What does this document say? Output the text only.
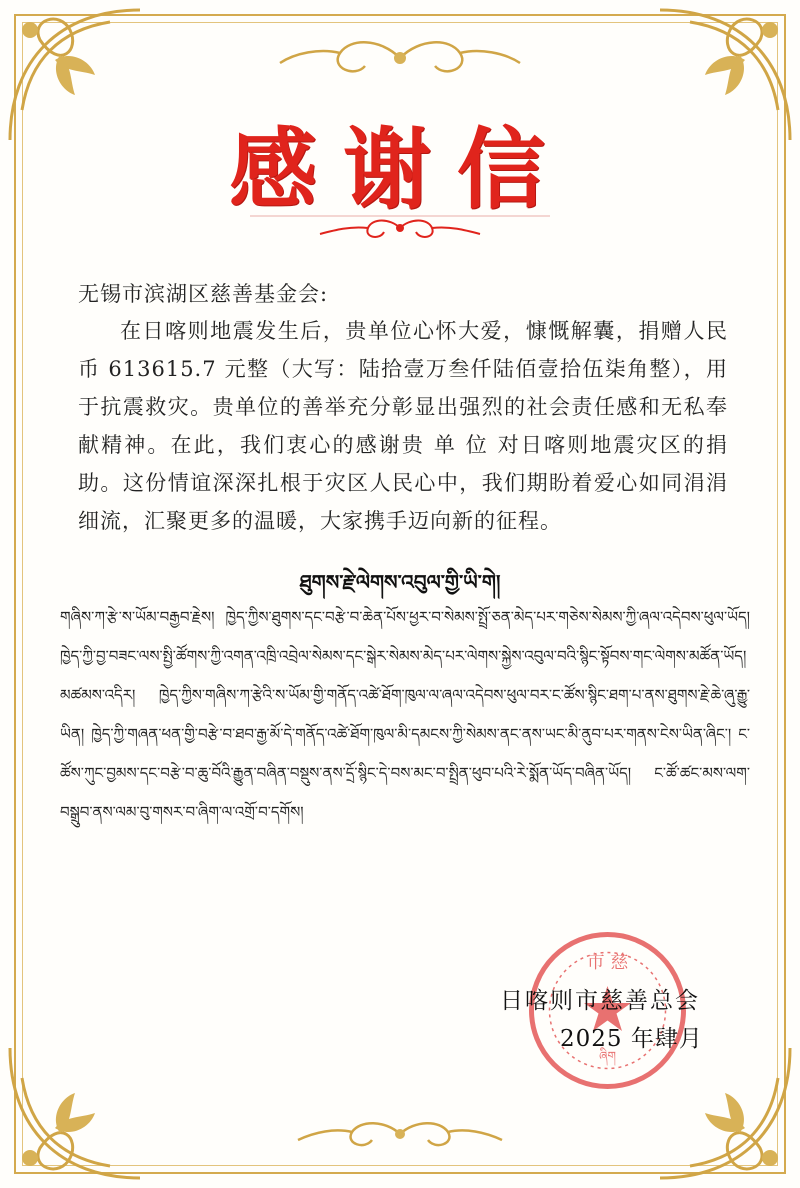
感谢信
无锡市滨湖区慈善基金会:
在日喀则地震发生后，贵单位心怀大爱，慷慨解囊，捐赠人民币 613615.7 元整（大写：陆拾壹万叁仟陆佰壹拾伍柒角整），用于抗震救灾。贵单位的善举充分彰显出强烈的社会责任感和无私奉献精神。在此，我们衷心的感谢贵 单 位 对日喀则地震灾区的捐助。这份情谊深深扎根于灾区人民心中，我们期盼着爱心如同涓涓细流，汇聚更多的温暖，大家携手迈向新的征程。
ཐུགས་རྗེ་ལེགས་འབུལ་གྱི་ཡི་གེ།
གཞིས་ཀ་རྩེ་ས་ཡོམ་བརྒྱབ་རྗེས། ཁྱེད་ཀྱིས་ཐུགས་དང་བརྩེ་བ་ཆེན་པོས་ཕྱར་བ་སེམས་སྤྲོ་ཅན་མེད་པར་གཅེས་སེམས་ཀྱི་ཞལ་འདེབས་ཕུལ་ཡོད། ཁྱེད་ཀྱི་བྱ་བཟང་ལས་སྤྱི་ཚོགས་ཀྱི་འགན་འཁྲི་འབྲེལ་སེམས་དང་སྒེར་སེམས་མེད་པར་ལེགས་སྐྱེས་འབུལ་བའི་སྙིང་སྟོབས་གང་ལེགས་མཚོན་ཡོད། མཚམས་འདིར། ཁྱེད་ཀྱིས་གཞིས་ཀ་རྩེའི་ས་ཡོམ་གྱི་གནོད་འཚེ་ཐོག་ཁུལ་ལ་ཞལ་འདེབས་ཕུལ་བར་ང་ཚོས་སྙིང་ཐག་པ་ནས་ཐུགས་རྗེ་ཆེ་ཞུ་རྒྱུ་ཡིན། ཁྱེད་ཀྱི་གཞན་ཕན་གྱི་བརྩེ་བ་ཐབ་རྒྱ་མོ་དེ་གནོད་འཚེ་ཐོག་ཁུལ་མི་དམངས་ཀྱི་སེམས་ནང་ནས་ཡང་མི་ནུབ་པར་གནས་ངེས་ཡིན་ཞིང༌། ང་ཚོས་ཀུང་བྱམས་དང་བརྩེ་བ་ཆུ་བོའི་རྒྱུན་བཞིན་བསྡུས་ནས་དྲོ་སྙིང་དེ་བས་མང་བ་སྤྲིན་ཕུབ་པའི་རེ་སྨོན་ཡོད་བཞིན་ཡོད། ང་ཚོ་ཚང་མས་ལག་བསྒྲུབ་ནས་ལམ་བུ་གསར་བ་ཞིག་ལ་འགྲོ་བ་དགོས།
市 慈
ཞིག
日喀则市慈善总会
2025 年肆月
